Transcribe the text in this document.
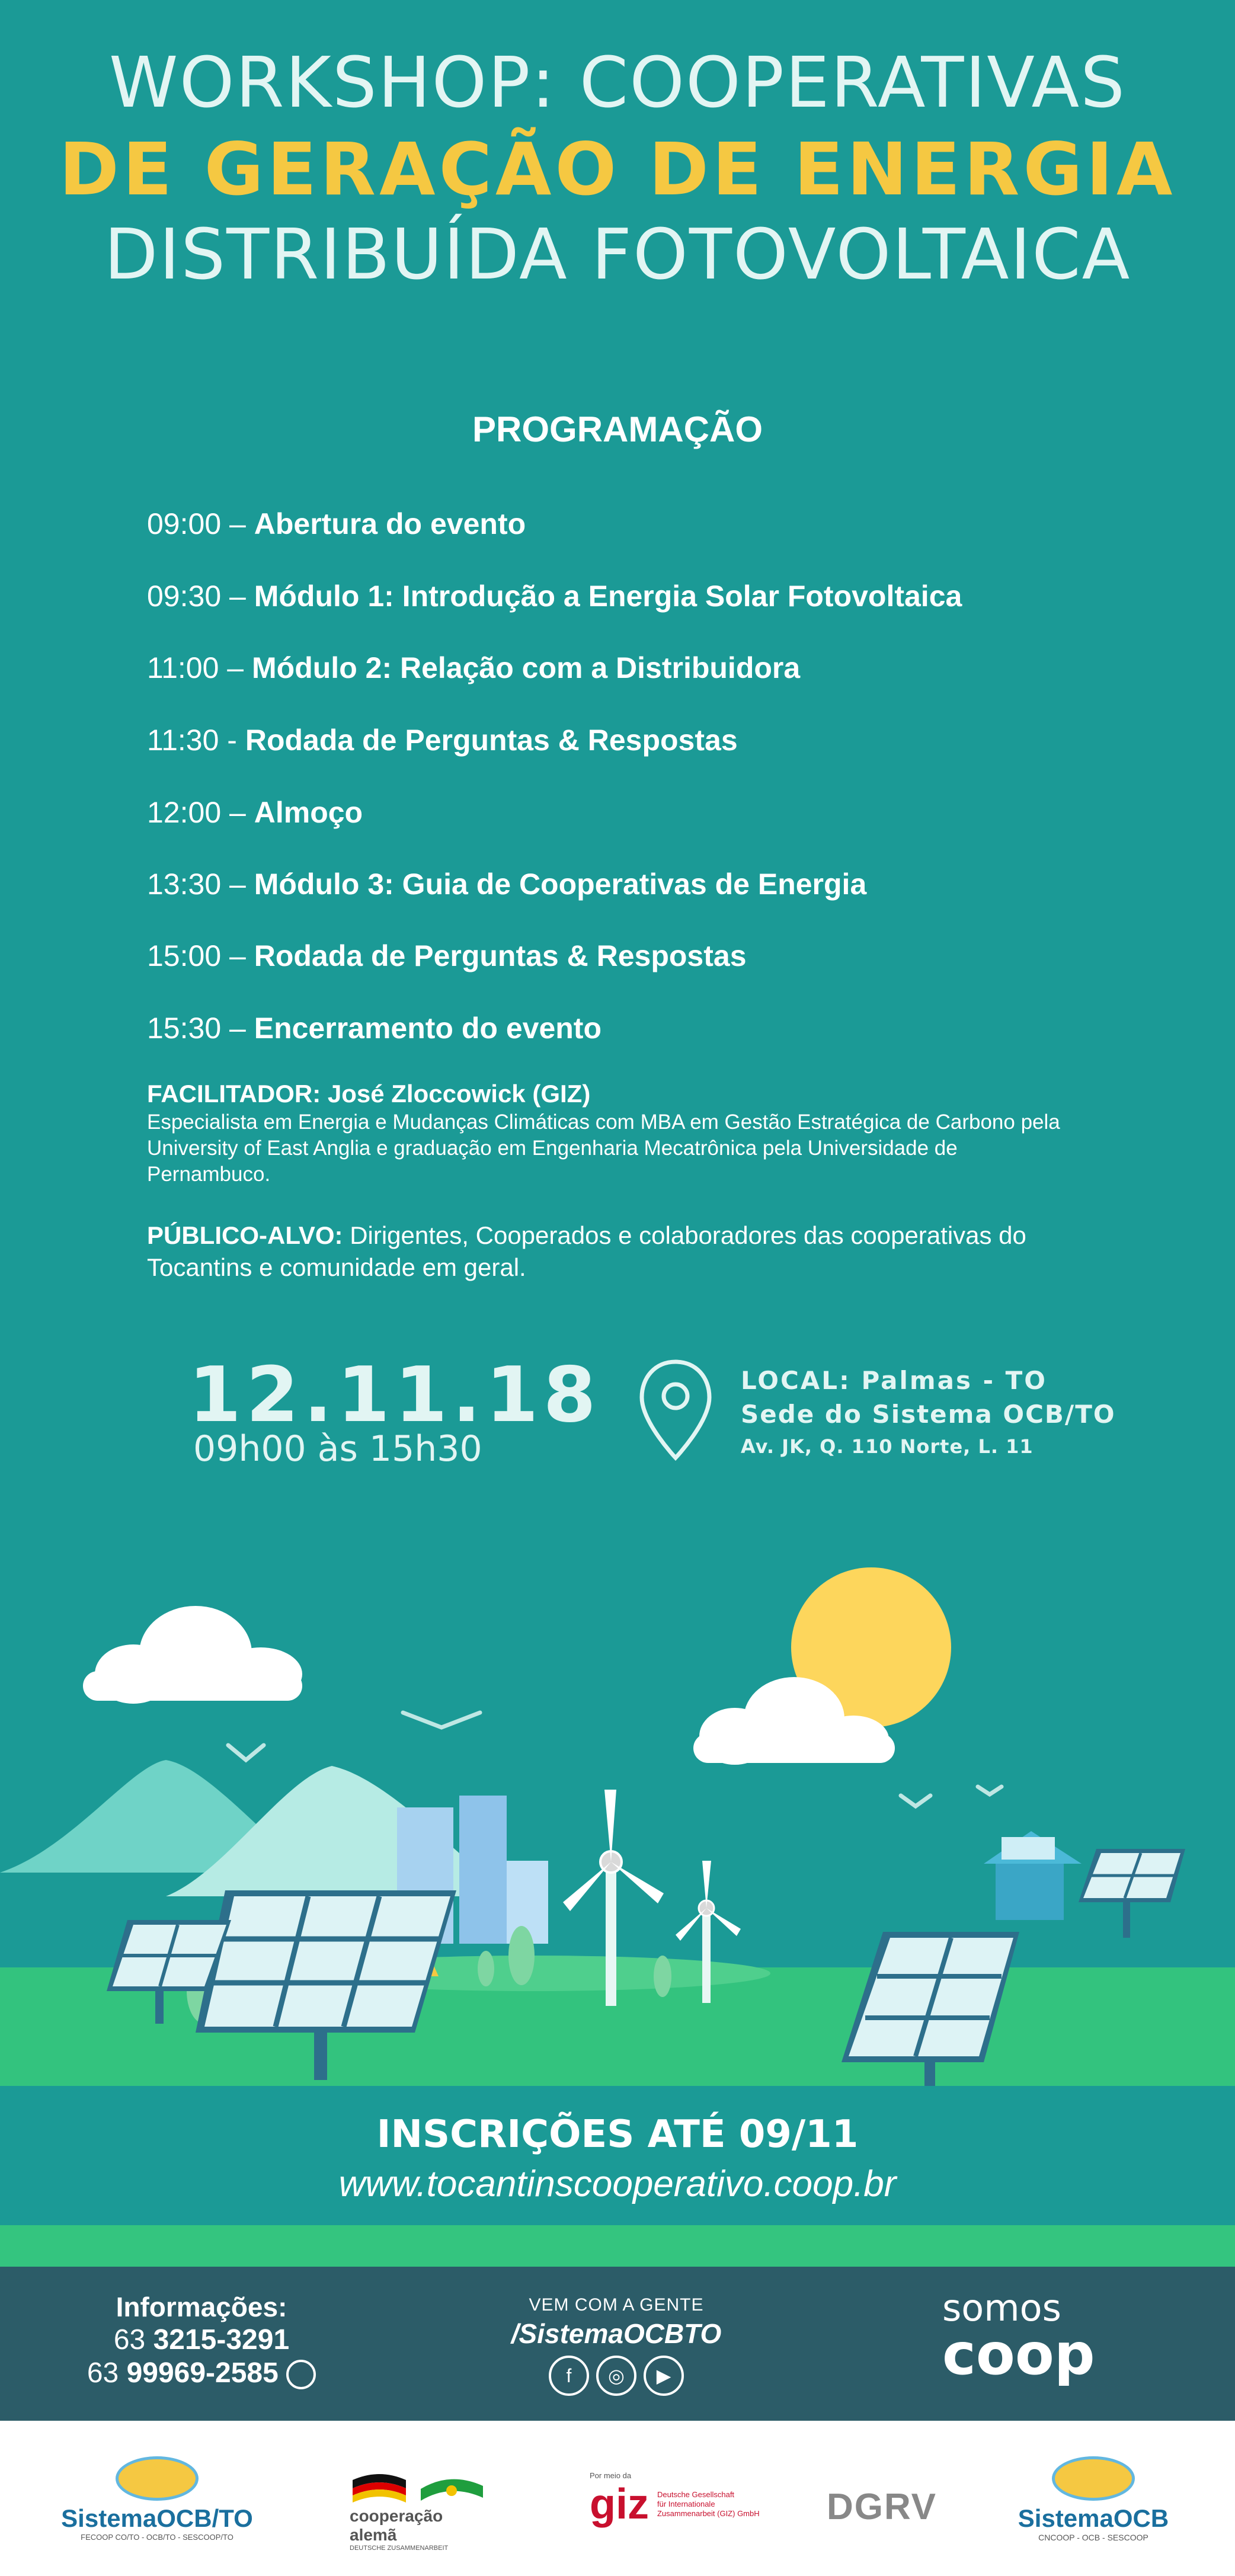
WORKSHOP: COOPERATIVAS
DE GERAÇÃO DE ENERGIA
DISTRIBUÍDA FOTOVOLTAICA
PROGRAMAÇÃO
09:00 – Abertura do evento
09:30 – Módulo 1: Introdução a Energia Solar Fotovoltaica
11:00 – Módulo 2: Relação com a Distribuidora
11:30 - Rodada de Perguntas & Respostas
12:00 – Almoço
13:30 – Módulo 3: Guia de Cooperativas de Energia
15:00 – Rodada de Perguntas & Respostas
15:30 – Encerramento do evento
FACILITADOR: José Zloccowick (GIZ)
Especialista em Energia e Mudanças Climáticas com MBA em Gestão Estratégica de Carbono pela
University of East Anglia e graduação em Engenharia Mecatrônica pela Universidade de
Pernambuco.
PÚBLICO-ALVO: Dirigentes, Cooperados e colaboradores das cooperativas do
Tocantins e comunidade em geral.
12.11.18
09h00 às 15h30
LOCAL: Palmas - TO
Sede do Sistema OCB/TO
Av. JK, Q. 110 Norte, L. 11
INSCRIÇÕES ATÉ 09/11
www.tocantinscooperativo.coop.br
Informações:
63 3215-3291
63 99969-2585
VEM COM A GENTE
/SistemaOCBTO
f ◎ ▶
somos
coop
SistemaOCB/TO
FECOOP CO/TO - OCB/TO - SESCOOP/TO
cooperação
alemã
DEUTSCHE ZUSAMMENARBEIT
Por meio da
giz Deutsche Gesellschaft
für Internationale
Zusammenarbeit (GIZ) GmbH DGRV	SistemaOCB
CNCOOP - OCB - SESCOOP
